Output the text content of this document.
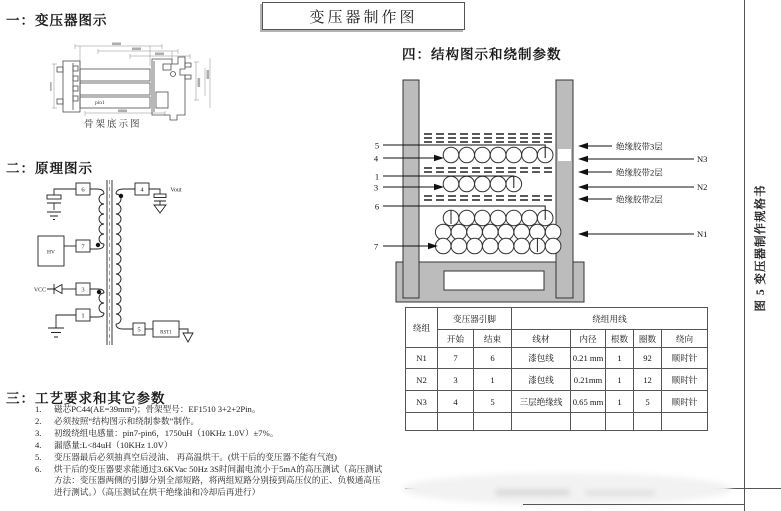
变压器制作图
一：变压器图示
pin1
骨架底示图
二：原理图示
6
7
3
1
4
5
HV
RST1
VCC
Vout
三：工艺要求和其它参数
1.	磁芯PC44(AE=39mm²)；骨架型号：EF1510 3+2+2Pin。
2.	必须按照“结构图示和绕制参数”制作。
3.	初级绕组电感量：pin7-pin6，1750uH（10KHz 1.0V）±7%。
4.	漏感量:L<84uH（10KHz 1.0V）
5.	变压器最后必须抽真空后浸油、 再高温烘干。(烘干后的变压器不能有气泡)
6.	烘干后的变压器要求能通过3.6KVac 50Hz 3S时间漏电流小于5mA的高压测试（高压测试方法：变压器两侧的引脚分别全部短路，将两组短路分别接到高压仪的正、负极通高压进行测试。）（高压测试在烘干绝缘油和冷却后再进行）
四：结构图示和绕制参数
5
4
1
3
6
7
绝缘胶带3层
N3
绝缘胶带2层
N2
绝缘胶带2层
N1
绕组	变压器引脚		绕组用线				
	开始	结束	线材	内径	根数	圈数	绕向
N1	7	6	漆包线	0.21 mm	1	92	顺时针
N2	3	1	漆包线	0.21mm	1	12	顺时针
N3	4	5	三层绝缘线	0.65 mm	1	5	顺时针

图 5 变压器制作规格书
